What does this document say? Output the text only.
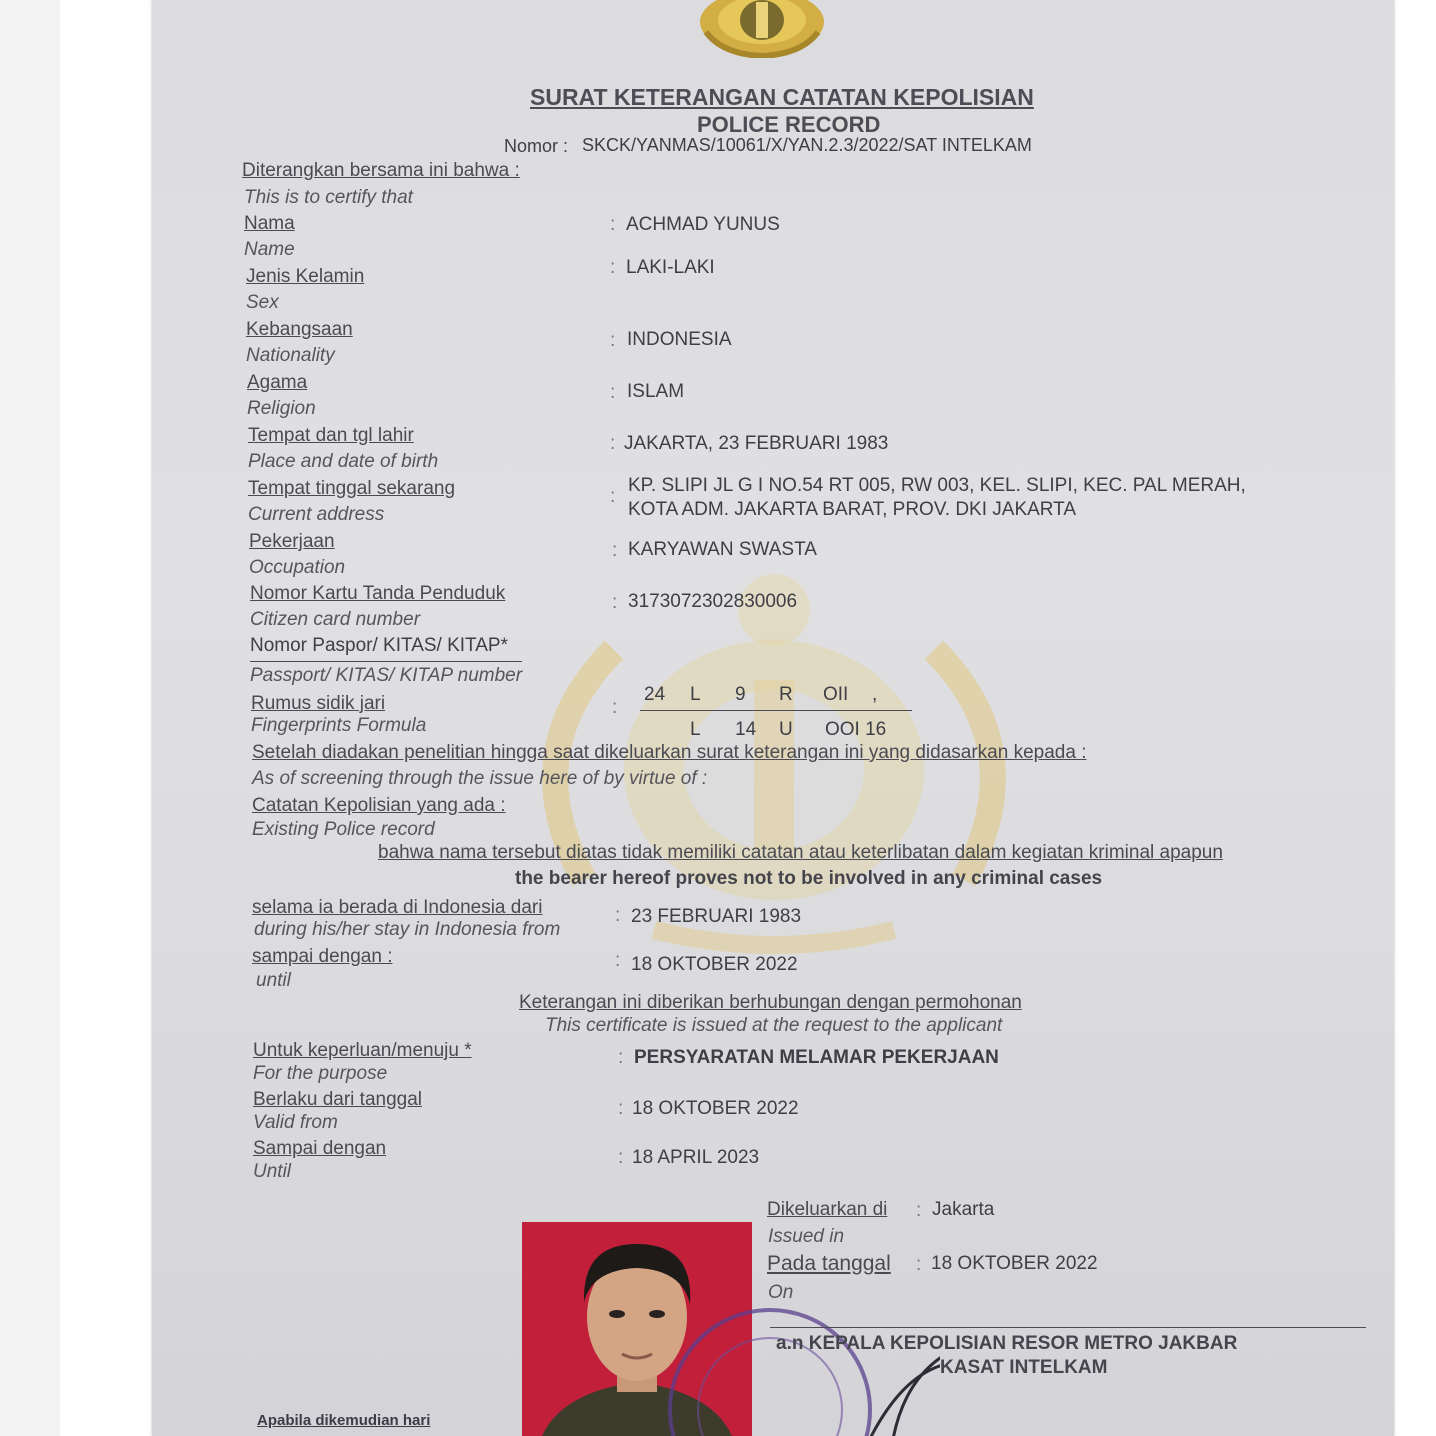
SURAT KETERANGAN CATATAN KEPOLISIAN
POLICE RECORD
Nomor : SKCK/YANMAS/10061/X/YAN.2.3/2022/SAT INTELKAM
Diterangkan bersama ini bahwa :
This is to certify that
Nama
Name
: ACHMAD YUNUS
Jenis Kelamin
Sex
: LAKI-LAKI
Kebangsaan
Nationality
: INDONESIA
Agama
Religion
: ISLAM
Tempat dan tgl lahir
Place and date of birth
: JAKARTA, 23 FEBRUARI 1983
Tempat tinggal sekarang
Current address
:
KP. SLIPI JL G I NO.54 RT 005, RW 003, KEL. SLIPI, KEC. PAL MERAH,
KOTA ADM. JAKARTA BARAT, PROV. DKI JAKARTA
Pekerjaan
Occupation
: KARYAWAN SWASTA
Nomor Kartu Tanda Penduduk
Citizen card number
: 3173072302830006
Nomor Paspor/ KITAS/ KITAP*
Passport/ KITAS/ KITAP number
Rumus sidik jari
Fingerprints Formula
:
24 L 9 R OII ,
L 14 U OOI 16
Setelah diadakan penelitian hingga saat dikeluarkan surat keterangan ini yang didasarkan kepada :
As of screening through the issue here of by virtue of :
Catatan Kepolisian yang ada :
Existing Police record
bahwa nama tersebut diatas tidak memiliki catatan atau keterlibatan dalam kegiatan kriminal apapun
the bearer hereof proves not to be involved in any criminal cases
selama ia berada di Indonesia dari
during his/her stay in Indonesia from
: 23 FEBRUARI 1983
sampai dengan :
until
: 18 OKTOBER 2022
Keterangan ini diberikan berhubungan dengan permohonan
This certificate is issued at the request to the applicant
Untuk keperluan/menuju *
For the purpose
: PERSYARATAN MELAMAR PEKERJAAN
Berlaku dari tanggal
Valid from
: 18 OKTOBER 2022
Sampai dengan
Until
: 18 APRIL 2023
Dikeluarkan di
Issued in
: Jakarta
Pada tanggal
On
: 18 OKTOBER 2022
a.n KEPALA KEPOLISIAN RESOR METRO JAKBAR
KASAT INTELKAM
Apabila dikemudian hari
